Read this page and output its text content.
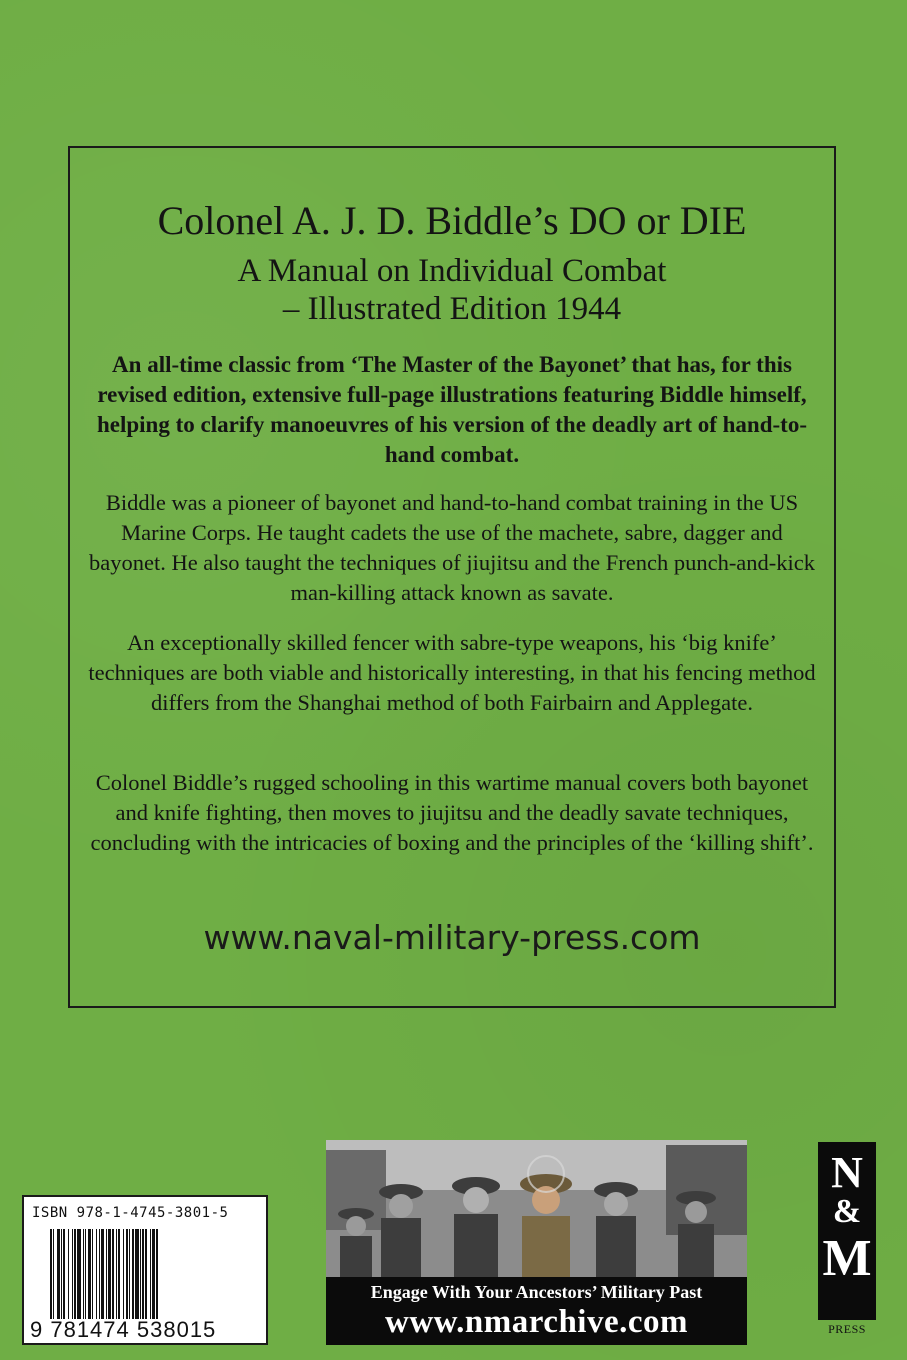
Colonel A. J. D. Biddle’s DO or DIE
A Manual on Individual Combat
– Illustrated Edition 1944
An all-time classic from ‘The Master of the Bayonet’ that has, for this revised edition, extensive full-page illustrations featuring Biddle himself, helping to clarify manoeuvres of his version of the deadly art of hand-to-hand combat.
Biddle was a pioneer of bayonet and hand-to-hand combat training in the US Marine Corps. He taught cadets the use of the machete, sabre, dagger and bayonet. He also taught the techniques of jiujitsu and the French punch-and-kick man-killing attack known as savate.
An exceptionally skilled fencer with sabre-type weapons, his ‘big knife’ techniques are both viable and historically interesting, in that his fencing method differs from the Shanghai method of both Fairbairn and Applegate.
Colonel Biddle’s rugged schooling in this wartime manual covers both bayonet and knife fighting, then moves to jiujitsu and the deadly savate techniques, concluding with the intricacies of boxing and the principles of the ‘killing shift’.
www.naval-military-press.com
ISBN 978-1-4745-3801-5
9 781474 538015
Engage With Your Ancestors’ Military Past
www.nmarchive.com
N
&
M
PRESS
